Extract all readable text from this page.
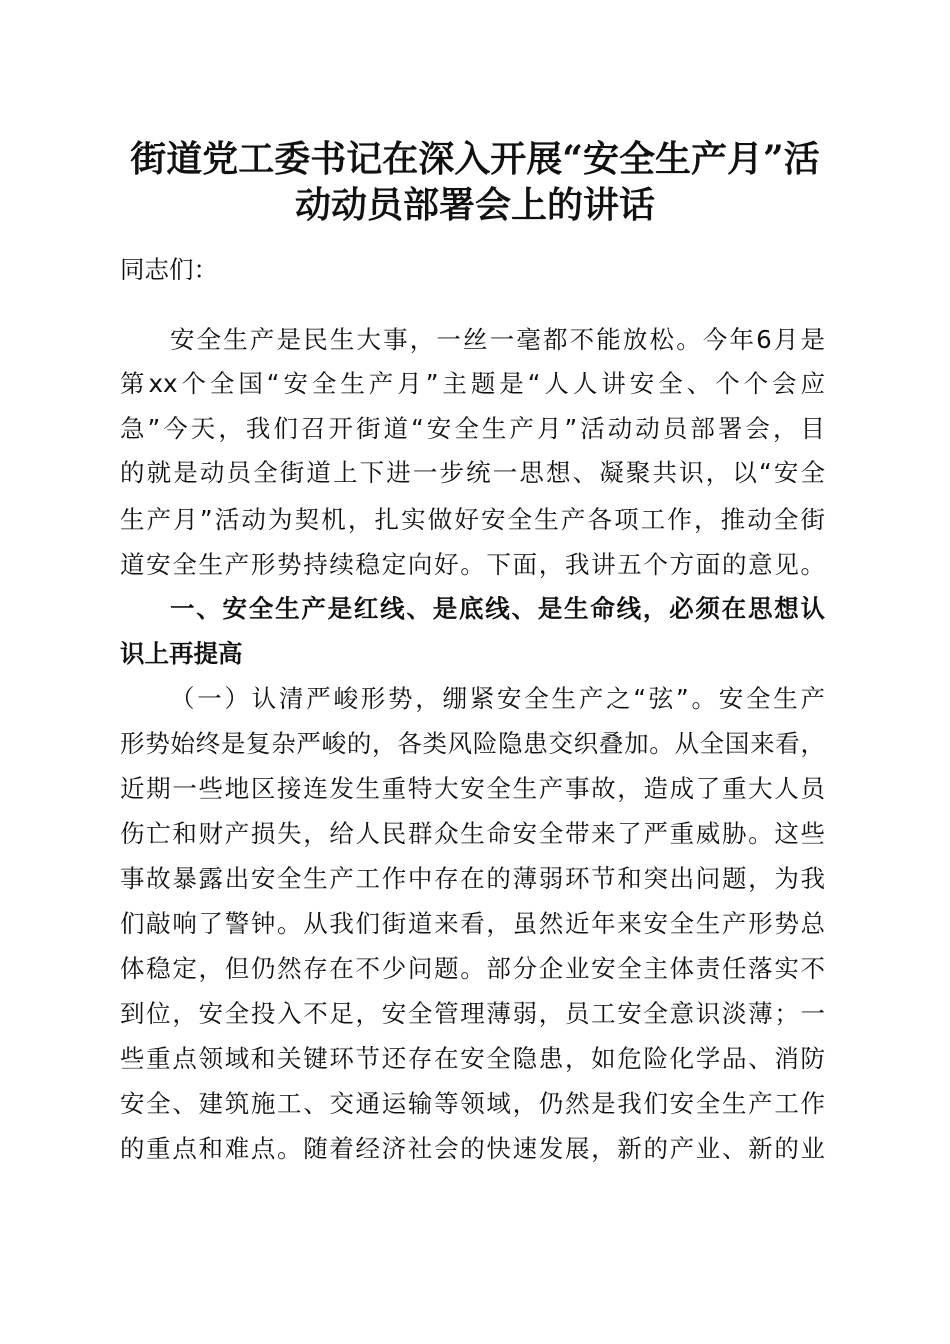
街道党工委书记在深入开展“安全生产月”活
动动员部署会上的讲话
同志们：
安全生产是民生大事，一丝一毫都不能放松。今年6月是
第xx个全国“安全生产月”主题是“人人讲安全、个个会应
急”今天，我们召开街道“安全生产月”活动动员部署会，目
的就是动员全街道上下进一步统一思想、凝聚共识，以“安全
生产月”活动为契机，扎实做好安全生产各项工作，推动全街
道安全生产形势持续稳定向好。下面，我讲五个方面的意见。
一、安全生产是红线、是底线、是生命线，必须在思想认
识上再提高
（一）认清严峻形势，绷紧安全生产之“弦”。安全生产
形势始终是复杂严峻的，各类风险隐患交织叠加。从全国来看，
近期一些地区接连发生重特大安全生产事故，造成了重大人员
伤亡和财产损失，给人民群众生命安全带来了严重威胁。这些
事故暴露出安全生产工作中存在的薄弱环节和突出问题，为我
们敲响了警钟。从我们街道来看，虽然近年来安全生产形势总
体稳定，但仍然存在不少问题。部分企业安全主体责任落实不
到位，安全投入不足，安全管理薄弱，员工安全意识淡薄；一
些重点领域和关键环节还存在安全隐患，如危险化学品、消防
安全、建筑施工、交通运输等领域，仍然是我们安全生产工作
的重点和难点。随着经济社会的快速发展，新的产业、新的业
